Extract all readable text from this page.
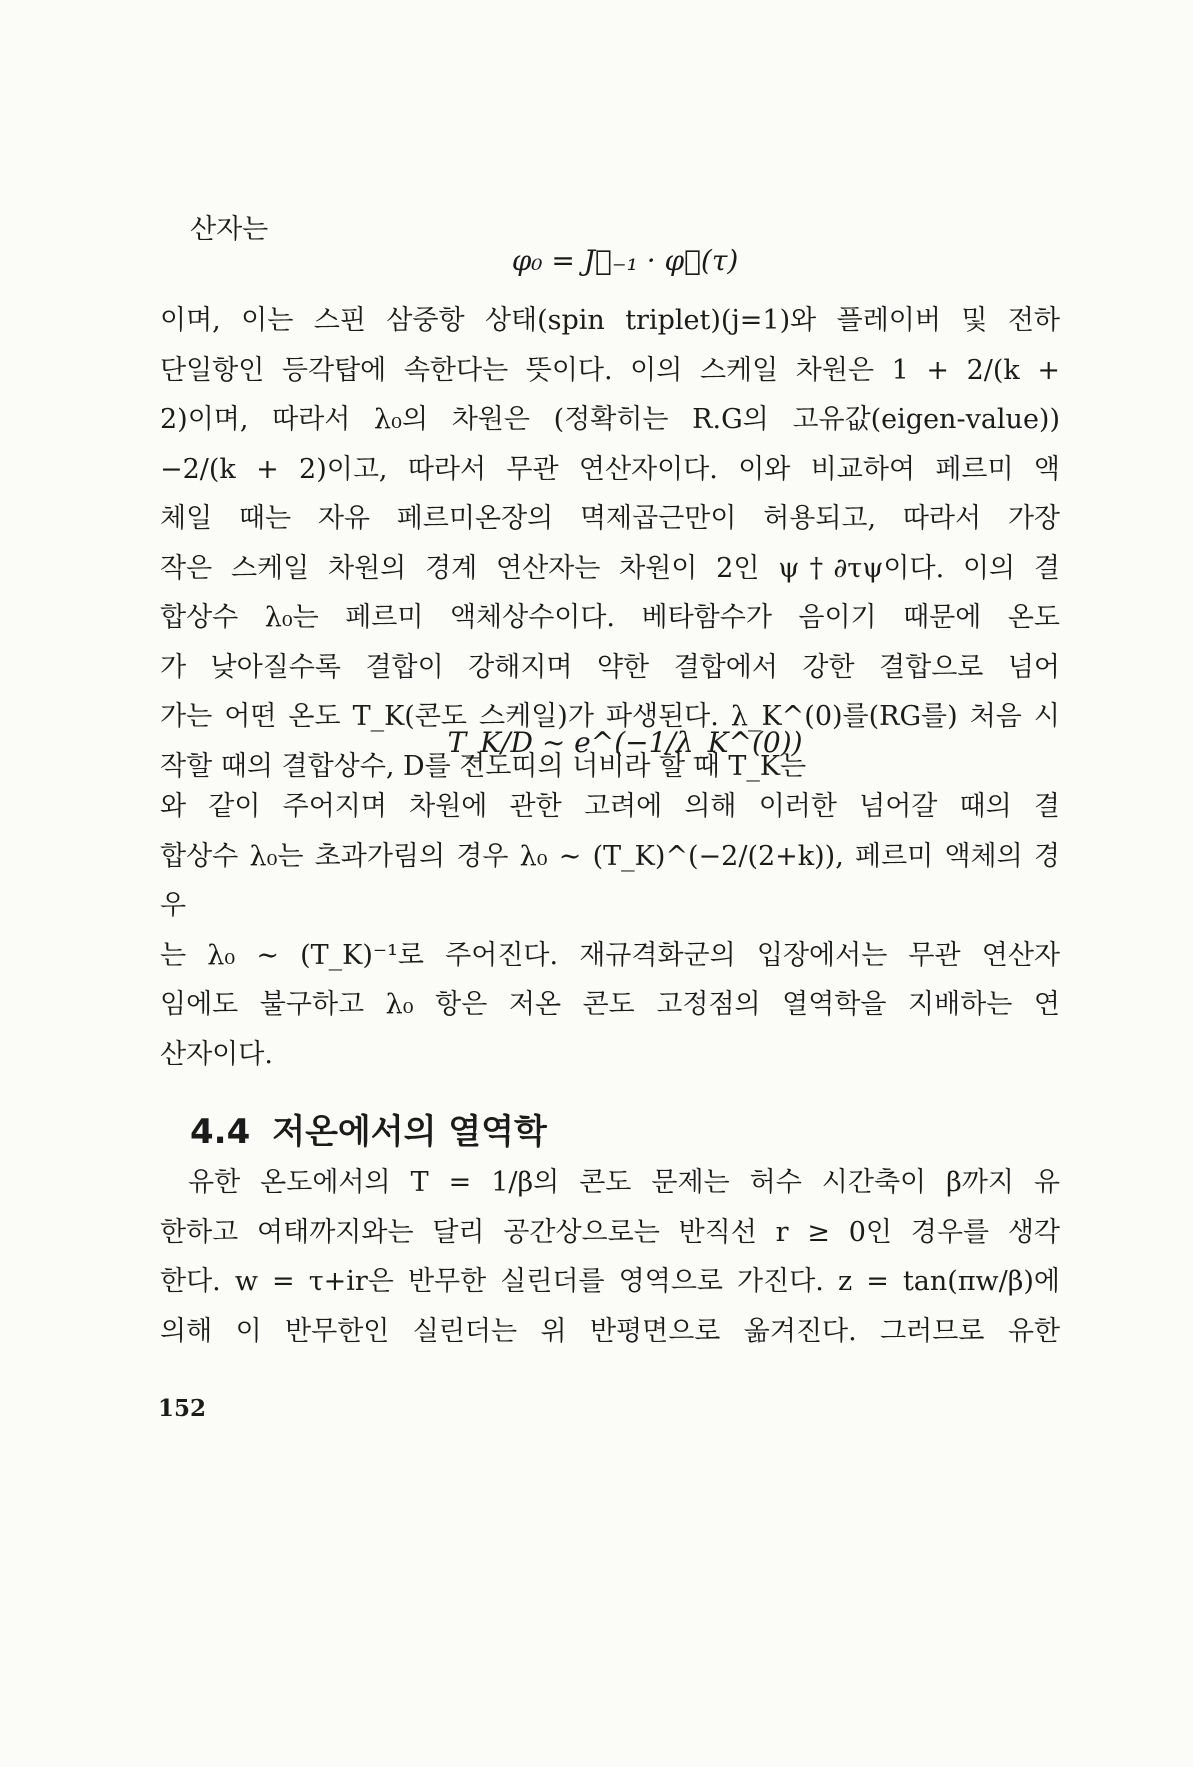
산자는

φ₀ = J⃗₋₁ · φ⃗(τ)

이며, 이는 스핀 삼중항 상태(spin triplet)(j=1)와 플레이버 및 전하
단일항인 등각탑에 속한다는 뜻이다. 이의 스케일 차원은 1 + 2/(k +
2)이며, 따라서 λ₀의 차원은 (정확히는 R.G의 고유값(eigen-value))
−2/(k + 2)이고, 따라서 무관 연산자이다. 이와 비교하여 페르미 액
체일 때는 자유 페르미온장의 멱제곱근만이 허용되고, 따라서 가장
작은 스케일 차원의 경계 연산자는 차원이 2인 ψ†∂τψ이다. 이의 결
합상수 λ₀는 페르미 액체상수이다. 베타함수가 음이기 때문에 온도
가 낮아질수록 결합이 강해지며 약한 결합에서 강한 결합으로 넘어
가는 어떤 온도 T_K(콘도 스케일)가 파생된다. λ_K^(0)를(RG를) 처음 시
작할 때의 결합상수, D를 전도띠의 너비라 할 때 T_K는

T_K/D ∼ e^(−1/λ_K^(0))

와 같이 주어지며 차원에 관한 고려에 의해 이러한 넘어갈 때의 결
합상수 λ₀는 초과가림의 경우 λ₀ ∼ (T_K)^(−2/(2+k)), 페르미 액체의 경우
는 λ₀ ∼ (T_K)⁻¹로 주어진다. 재규격화군의 입장에서는 무관 연산자
임에도 불구하고 λ₀ 항은 저온 콘도 고정점의 열역학을 지배하는 연
산자이다.
4.4 저온에서의 열역학
유한 온도에서의 T = 1/β의 콘도 문제는 허수 시간축이 β까지 유
한하고 여태까지와는 달리 공간상으로는 반직선 r ≥ 0인 경우를 생각
한다. w = τ+ir은 반무한 실린더를 영역으로 가진다. z = tan(πw/β)에
의해 이 반무한인 실린더는 위 반평면으로 옮겨진다. 그러므로 유한
152
